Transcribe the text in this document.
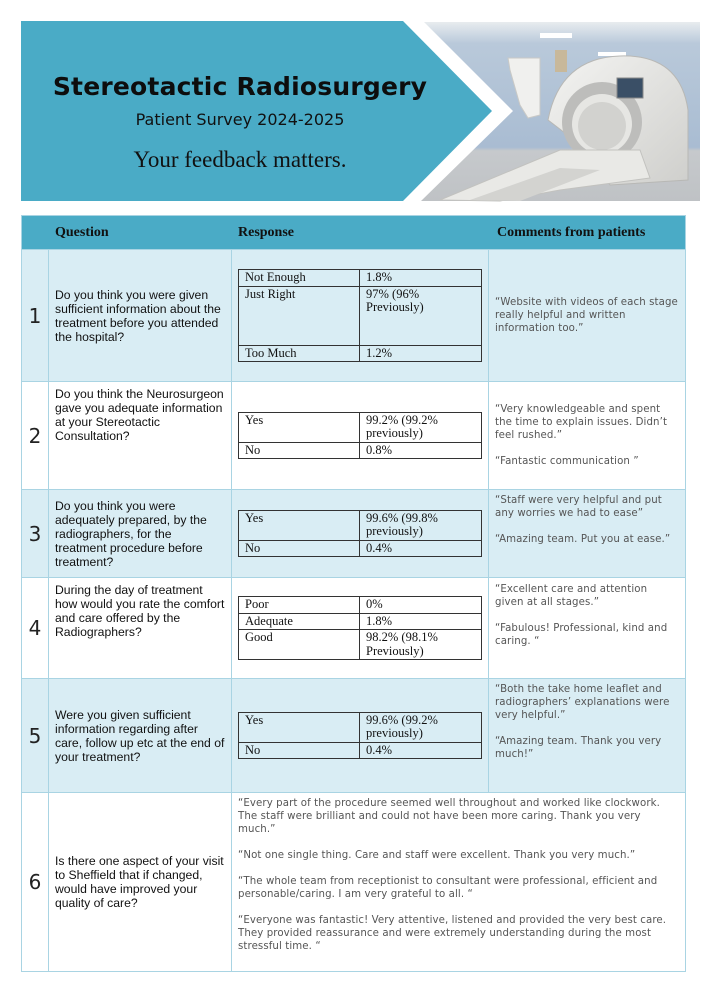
Stereotactic Radiosurgery
Patient Survey 2024-2025
Your feedback matters.
Question	Response	Comments from patients
1
Do you think you were given sufficient information about the treatment before you attended the hospital?
Not Enough	1.8%
Just Right	97% (96% Previously)
Too Much	1.2%

“Website with videos of each stage really helpful and written information too.”

2
Do you think the Neurosurgeon gave you adequate information at your Stereotactic Consultation?
Yes	99.2% (99.2% previously)
No	0.8%

“Very knowledgeable and spent the time to explain issues. Didn’t feel rushed.”

“Fantastic communication ”

3
Do you think you were adequately prepared, by the radiographers, for the treatment procedure before treatment?
Yes	99.6% (99.8% previously)
No	0.4%

“Staff were very helpful and put any worries we had to ease”

“Amazing team. Put you at ease.”

4
During the day of treatment how would you rate the comfort and care offered by the Radiographers?
Poor	0%
Adequate	1.8%
Good	98.2% (98.1% Previously)

“Excellent care and attention given at all stages.”

“Fabulous! Professional, kind and caring. “

5
Were you given sufficient information regarding after care, follow up etc at the end of your treatment?
Yes	99.6% (99.2% previously)
No	0.4%

“Both the take home leaflet and radiographers’ explanations were very helpful.”

“Amazing team. Thank you very much!”

6
Is there one aspect of your visit to Sheffield that if changed, would have improved your quality of care?

“Every part of the procedure seemed well throughout and worked like clockwork. The staff were brilliant and could not have been more caring. Thank you very much.”

“Not one single thing. Care and staff were excellent. Thank you very much.”

“The whole team from receptionist to consultant were professional, efficient and personable/caring. I am very grateful to all. “

“Everyone was fantastic! Very attentive, listened and provided the very best care. They provided reassurance and were extremely understanding during the most stressful time. “
